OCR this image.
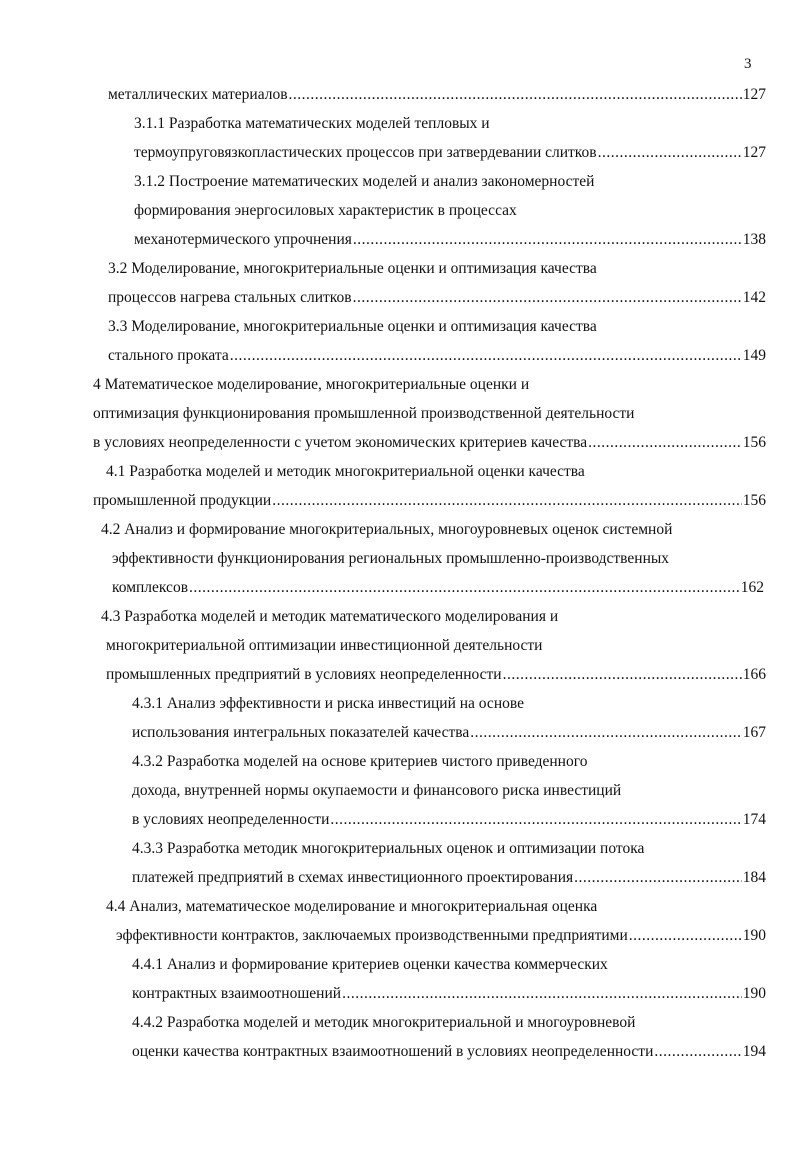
3
металлических материалов .....	127
3.1.1 Разработка математических моделей тепловых и
термоупруговязкопластических процессов при затвердевании слитков .....	127
3.1.2 Построение математических моделей и анализ закономерностей
формирования энергосиловых характеристик в процессах
механотермического упрочнения .....	138
3.2 Моделирование, многокритериальные оценки и оптимизация качества
процессов нагрева стальных слитков .....	142
3.3 Моделирование, многокритериальные оценки и оптимизация качества
стального проката .....	149
4 Математическое моделирование, многокритериальные оценки и
оптимизация функционирования промышленной производственной деятельности
в условиях неопределенности с учетом экономических критериев качества .....	156
4.1 Разработка моделей и методик многокритериальной оценки качества
промышленной продукции .....	156
4.2 Анализ и формирование многокритериальных, многоуровневых оценок системной
эффективности функционирования региональных промышленно-производственных
комплексов .....	162
4.3 Разработка моделей и методик математического моделирования и
многокритериальной оптимизации инвестиционной деятельности
промышленных предприятий в условиях неопределенности .....	166
4.3.1 Анализ эффективности и риска инвестиций на основе
использования интегральных показателей качества .....	167
4.3.2 Разработка моделей на основе критериев чистого приведенного
дохода, внутренней нормы окупаемости и финансового риска инвестиций
в условиях неопределенности .....	174
4.3.3 Разработка методик многокритериальных оценок и оптимизации потока
платежей предприятий в схемах инвестиционного проектирования .....	184
4.4 Анализ, математическое моделирование и многокритериальная оценка
эффективности контрактов, заключаемых производственными предприятими .....	190
4.4.1 Анализ и формирование критериев оценки качества коммерческих
контрактных взаимоотношений .....	190
4.4.2 Разработка моделей и методик многокритериальной и многоуровневой
оценки качества контрактных взаимоотношений в условиях неопределенности .....	194
